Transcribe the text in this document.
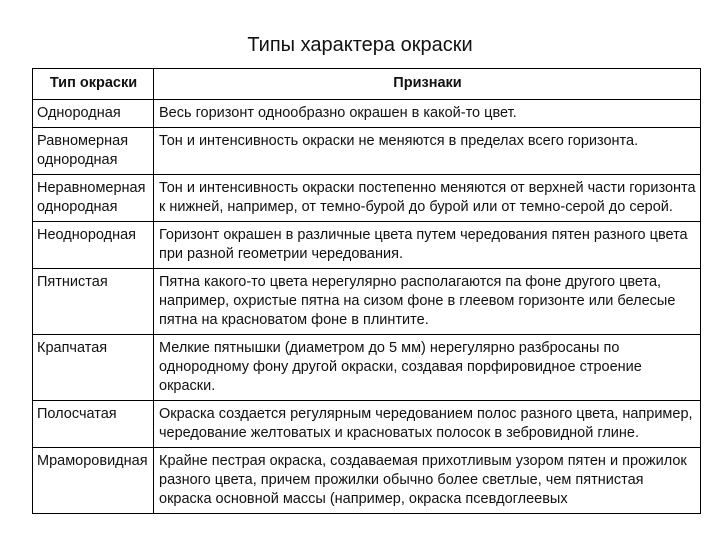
Типы характера окраски
Тип окраски	Признаки
Однородная	Весь горизонт однообразно окрашен в какой-то цвет.
Равномерная однородная	Тон и интенсивность окраски не меняются в пределах всего горизонта.
Неравномерная однородная	Тон и интенсивность окраски постепенно меняются от верхней части горизонта к нижней, например, от темно-бурой до бурой или от темно-серой до серой.
Неоднородная	Горизонт окрашен в различные цвета путем чередования пятен разного цвета при разной геометрии чередования.
Пятнистая	Пятна какого-то цвета нерегулярно располагаются па фоне другого цвета, например, охристые пятна на сизом фоне в глеевом горизонте или белесые пятна на красноватом фоне в плинтите.
Крапчатая	Мелкие пятнышки (диаметром до 5 мм) нерегулярно разбросаны по однородному фону другой окраски, создавая порфировидное строение окраски.
Полосчатая	Окраска создается регулярным чередованием полос разного цвета, например, чередование желтоватых и красноватых полосок в зебровидной глине.
Мраморовидная	Крайне пестрая окраска, создаваемая прихотливым узором пятен и прожилок разного цвета, причем прожилки обычно более светлые, чем пятнистая окраска основной массы (например, окраска псевдоглеевых
